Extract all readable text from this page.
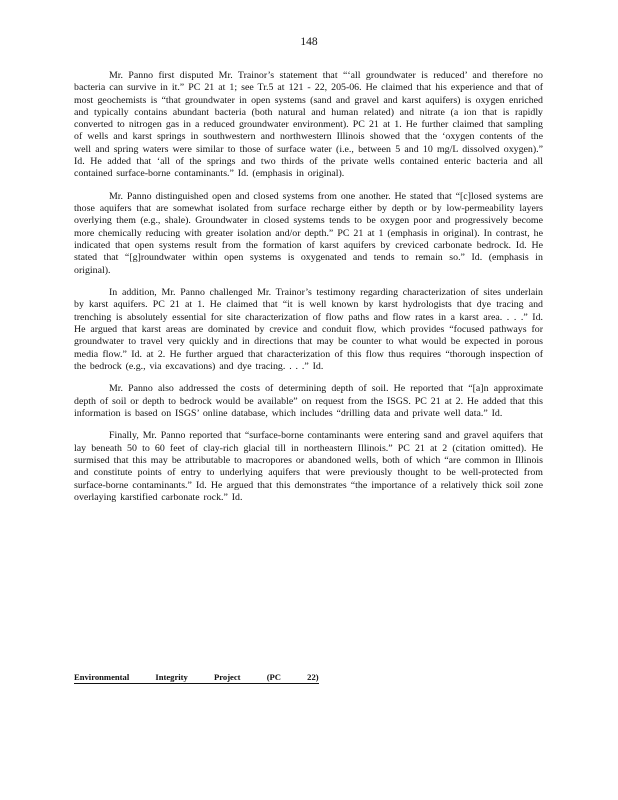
148

Mr. Panno first disputed Mr. Trainor’s statement that “‘all groundwater is reduced’ and therefore no bacteria can survive in it.” PC 21 at 1; see Tr.5 at 121 - 22, 205-06. He claimed that his experience and that of most geochemists is “that groundwater in open systems (sand and gravel and karst aquifers) is oxygen enriched and typically contains abundant bacteria (both natural and human related) and nitrate (a ion that is rapidly converted to nitrogen gas in a reduced groundwater environment). PC 21 at 1. He further claimed that sampling of wells and karst springs in southwestern and northwestern Illinois showed that the ‘oxygen contents of the well and spring waters were similar to those of surface water (i.e., between 5 and 10 mg/L dissolved oxygen).” Id. He added that ‘all of the springs and two thirds of the private wells contained enteric bacteria and all contained surface-borne contaminants.” Id. (emphasis in original).

Mr. Panno distinguished open and closed systems from one another. He stated that “[c]losed systems are those aquifers that are somewhat isolated from surface recharge either by depth or by low-permeability layers overlying them (e.g., shale). Groundwater in closed systems tends to be oxygen poor and progressively become more chemically reducing with greater isolation and/or depth.” PC 21 at 1 (emphasis in original). In contrast, he indicated that open systems result from the formation of karst aquifers by creviced carbonate bedrock. Id. He stated that “[g]roundwater within open systems is oxygenated and tends to remain so.” Id. (emphasis in original).

In addition, Mr. Panno challenged Mr. Trainor’s testimony regarding characterization of sites underlain by karst aquifers. PC 21 at 1. He claimed that “it is well known by karst hydrologists that dye tracing and trenching is absolutely essential for site characterization of flow paths and flow rates in a karst area. . . .” Id. He argued that karst areas are dominated by crevice and conduit flow, which provides “focused pathways for groundwater to travel very quickly and in directions that may be counter to what would be expected in porous media flow.” Id. at 2. He further argued that characterization of this flow thus requires “thorough inspection of the bedrock (e.g., via excavations) and dye tracing. . . .” Id.

Mr. Panno also addressed the costs of determining depth of soil. He reported that “[a]n approximate depth of soil or depth to bedrock would be available” on request from the ISGS. PC 21 at 2. He added that this information is based on ISGS’ online database, which includes “drilling data and private well data.” Id.

Finally, Mr. Panno reported that “surface-borne contaminants were entering sand and gravel aquifers that lay beneath 50 to 60 feet of clay-rich glacial till in northeastern Illinois.” PC 21 at 2 (citation omitted). He surmised that this may be attributable to macropores or abandoned wells, both of which “are common in Illinois and constitute points of entry to underlying aquifers that were previously thought to be well-protected from surface-borne contaminants.” Id. He argued that this demonstrates “the importance of a relatively thick soil zone overlaying karstified carbonate rock.” Id.

Environmental Integrity Project (PC 22)
